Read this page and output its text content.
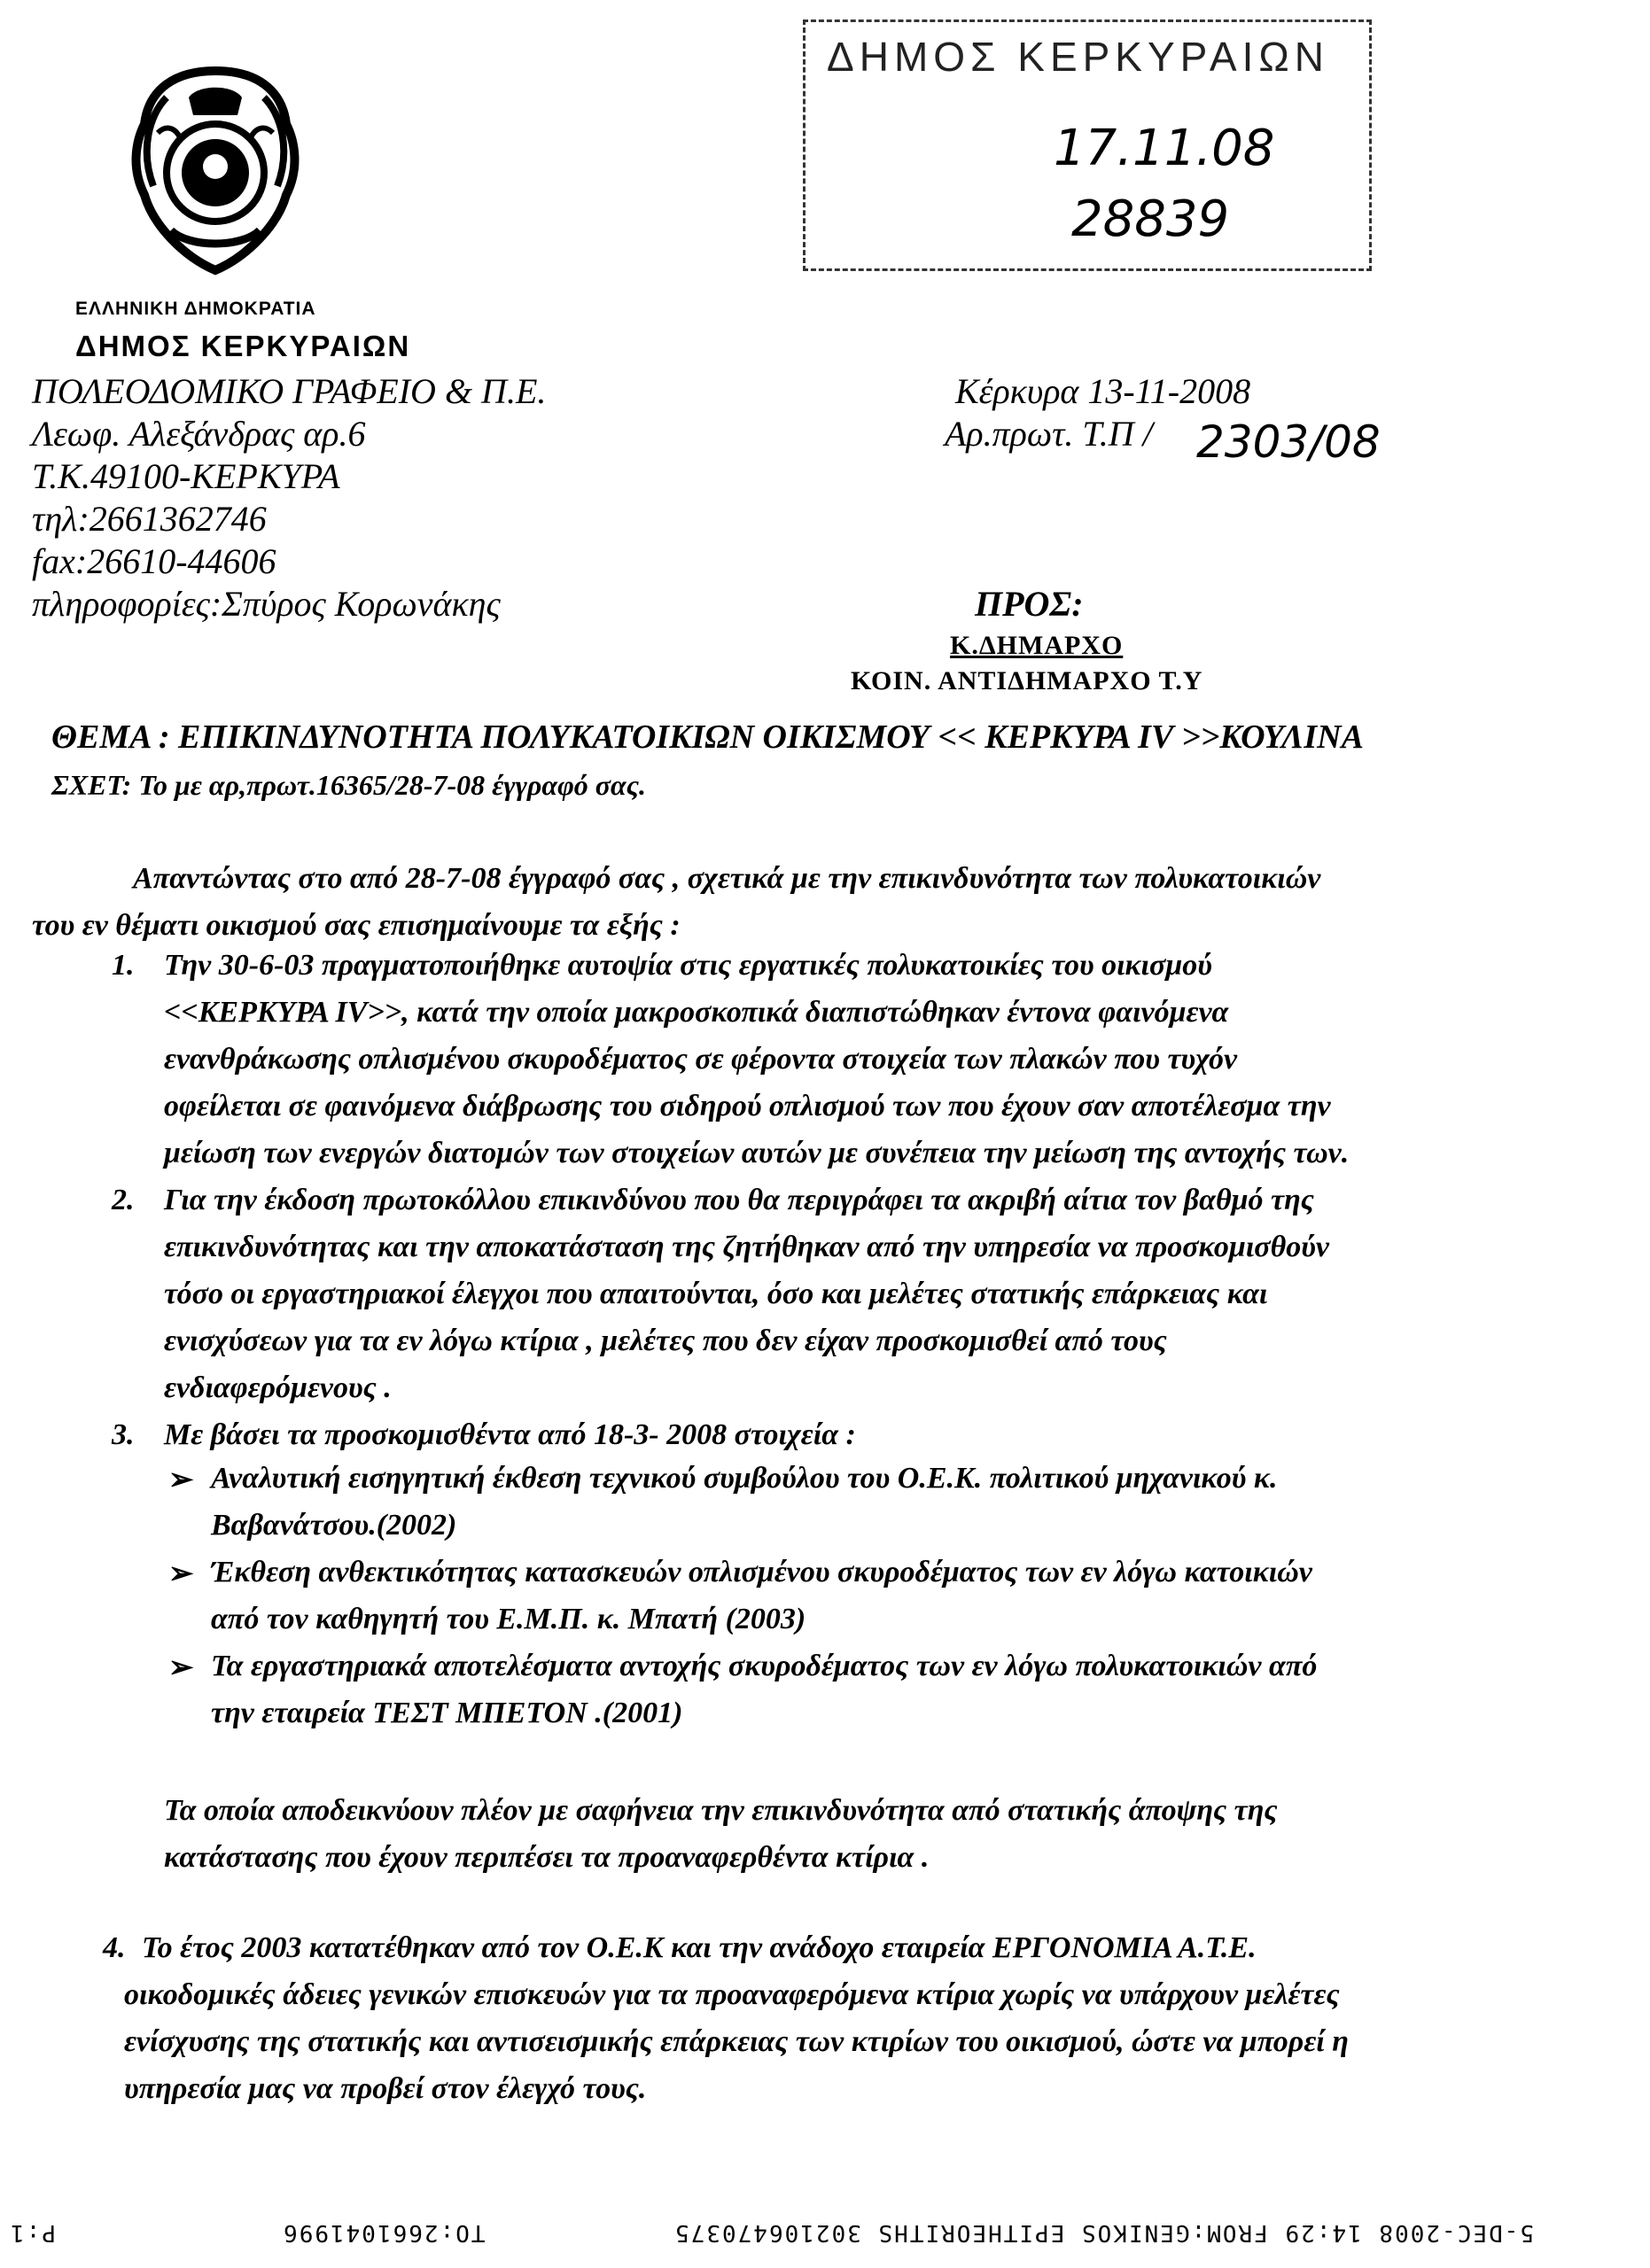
ΕΛΛΗΝΙΚΗ ΔΗΜΟΚΡΑΤΙΑ
ΔΗΜΟΣ ΚΕΡΚΥΡΑΙΩΝ
ΠΟΛΕΟΔΟΜΙΚΟ ΓΡΑΦΕΙΟ & Π.Ε.
Λεωφ. Αλεξάνδρας αρ.6
Τ.Κ.49100-ΚΕΡΚΥΡΑ
τηλ:2661362746
fax:26610-44606
πληροφορίες:Σπύρος Κορωνάκης
Κέρκυρα 13-11-2008
Αρ.πρωτ. Τ.Π / 2303/08
ΔΗΜΟΣ ΚΕΡΚΥΡΑΙΩΝ
17.11.08
28839
ΠΡΟΣ:
Κ.ΔΗΜΑΡΧΟ
ΚΟΙΝ. ΑΝΤΙΔΗΜΑΡΧΟ Τ.Υ
ΘΕΜΑ : ΕΠΙΚΙΝΔΥΝΟΤΗΤΑ ΠΟΛΥΚΑΤΟΙΚΙΩΝ ΟΙΚΙΣΜΟΥ << ΚΕΡΚΥΡΑ ΙV >>ΚΟΥΛΙΝΑ
ΣΧΕΤ: Το με αρ,πρωτ.16365/28-7-08 έγγραφό σας.
Απαντώντας στο από 28-7-08 έγγραφό σας , σχετικά με την επικινδυνότητα των πολυκατοικιών
του εν θέματι οικισμού σας επισημαίνουμε τα εξής :
1. Την 30-6-03 πραγματοποιήθηκε αυτοψία στις εργατικές πολυκατοικίες του οικισμού
<<ΚΕΡΚΥΡΑ ΙV>>, κατά την οποία μακροσκοπικά διαπιστώθηκαν έντονα φαινόμενα
ενανθράκωσης οπλισμένου σκυροδέματος σε φέροντα στοιχεία των πλακών που τυχόν
οφείλεται σε φαινόμενα διάβρωσης του σιδηρού οπλισμού των που έχουν σαν αποτέλεσμα την
μείωση των ενεργών διατομών των στοιχείων αυτών με συνέπεια την μείωση της αντοχής των.
2. Για την έκδοση πρωτοκόλλου επικινδύνου που θα περιγράφει τα ακριβή αίτια τον βαθμό της
επικινδυνότητας και την αποκατάσταση της ζητήθηκαν από την υπηρεσία να προσκομισθούν
τόσο οι εργαστηριακοί έλεγχοι που απαιτούνται, όσο και μελέτες στατικής επάρκειας και
ενισχύσεων για τα εν λόγω κτίρια , μελέτες που δεν είχαν προσκομισθεί από τους
ενδιαφερόμενους .
3. Με βάσει τα προσκομισθέντα από 18-3- 2008 στοιχεία :
➢ Αναλυτική εισηγητική έκθεση τεχνικού συμβούλου του Ο.Ε.Κ. πολιτικού μηχανικού κ.
Βαβανάτσου.(2002)
➢ Έκθεση ανθεκτικότητας κατασκευών οπλισμένου σκυροδέματος των εν λόγω κατοικιών
από τον καθηγητή του Ε.Μ.Π. κ. Μπατή (2003)
➢ Τα εργαστηριακά αποτελέσματα αντοχής σκυροδέματος των εν λόγω πολυκατοικιών από
την εταιρεία ΤΕΣΤ ΜΠΕΤΟΝ .(2001)
Τα οποία αποδεικνύουν πλέον με σαφήνεια την επικινδυνότητα από στατικής άποψης της
κατάστασης που έχουν περιπέσει τα προαναφερθέντα κτίρια .
4. Το έτος 2003 κατατέθηκαν από τον Ο.Ε.Κ και την ανάδοχο εταιρεία ΕΡΓΟΝΟΜΙΑ Α.Τ.Ε.
οικοδομικές άδειες γενικών επισκευών για τα προαναφερόμενα κτίρια χωρίς να υπάρχουν μελέτες
ενίσχυσης της στατικής και αντισεισμικής επάρκειας των κτιρίων του οικισμού, ώστε να μπορεί η
υπηρεσία μας να προβεί στον έλεγχό τους.
P:1	TO:2661041996	5-DEC-2008 14:29 FROM:GENIKOS EPITHEORITHS 302106470375
